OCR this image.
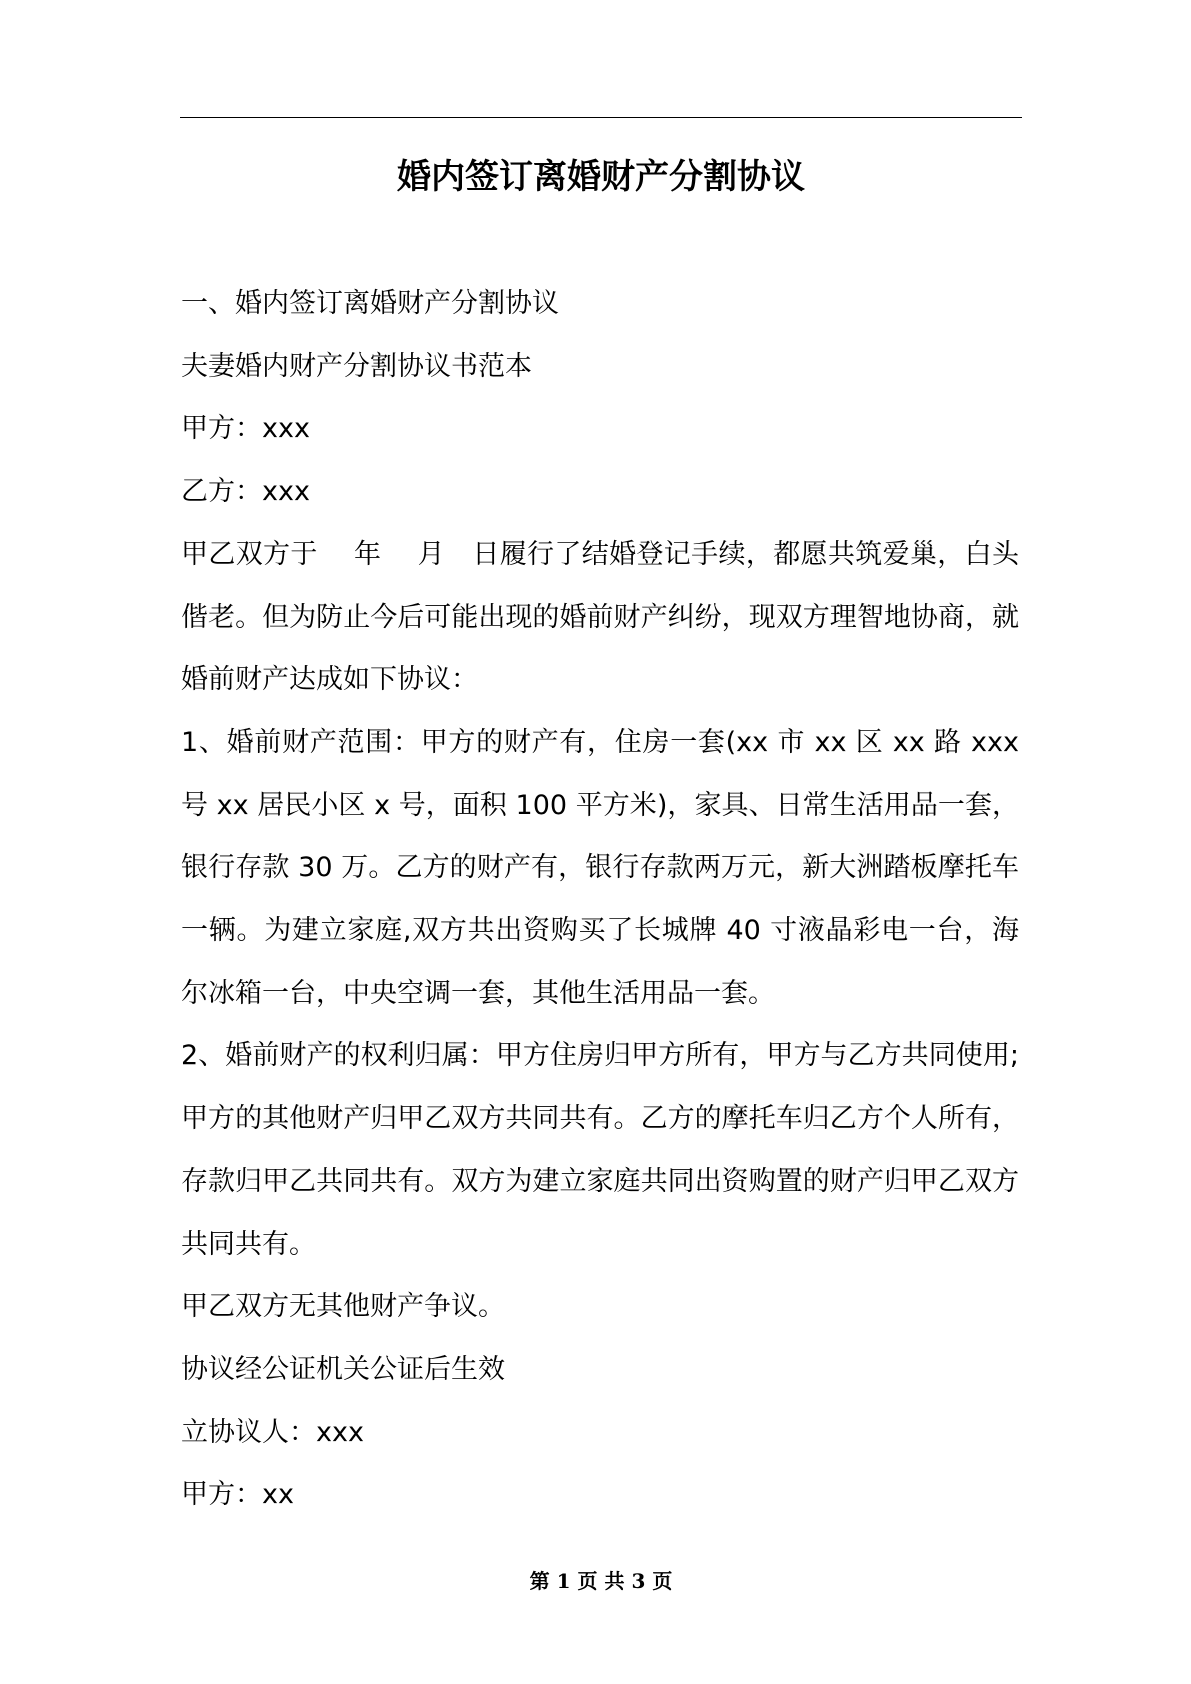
婚内签订离婚财产分割协议

一、婚内签订离婚财产分割协议

夫妻婚内财产分割协议书范本

甲方：xxx

乙方：xxx

甲乙双方于　 年　 月　日履行了结婚登记手续，都愿共筑爱巢，白头偕老。但为防止今后可能出现的婚前财产纠纷，现双方理智地协商，就婚前财产达成如下协议：

1、婚前财产范围：甲方的财产有，住房一套(xx 市 xx 区 xx 路 xxx 号 xx 居民小区 x 号，面积 100 平方米)，家具、日常生活用品一套，银行存款 30 万。乙方的财产有，银行存款两万元，新大洲踏板摩托车一辆。为建立家庭,双方共出资购买了长城牌 40 寸液晶彩电一台，海尔冰箱一台，中央空调一套，其他生活用品一套。

2、婚前财产的权利归属：甲方住房归甲方所有，甲方与乙方共同使用;甲方的其他财产归甲乙双方共同共有。乙方的摩托车归乙方个人所有，存款归甲乙共同共有。双方为建立家庭共同出资购置的财产归甲乙双方共同共有。

甲乙双方无其他财产争议。

协议经公证机关公证后生效

立协议人：xxx

甲方：xx

第 1 页 共 3 页
